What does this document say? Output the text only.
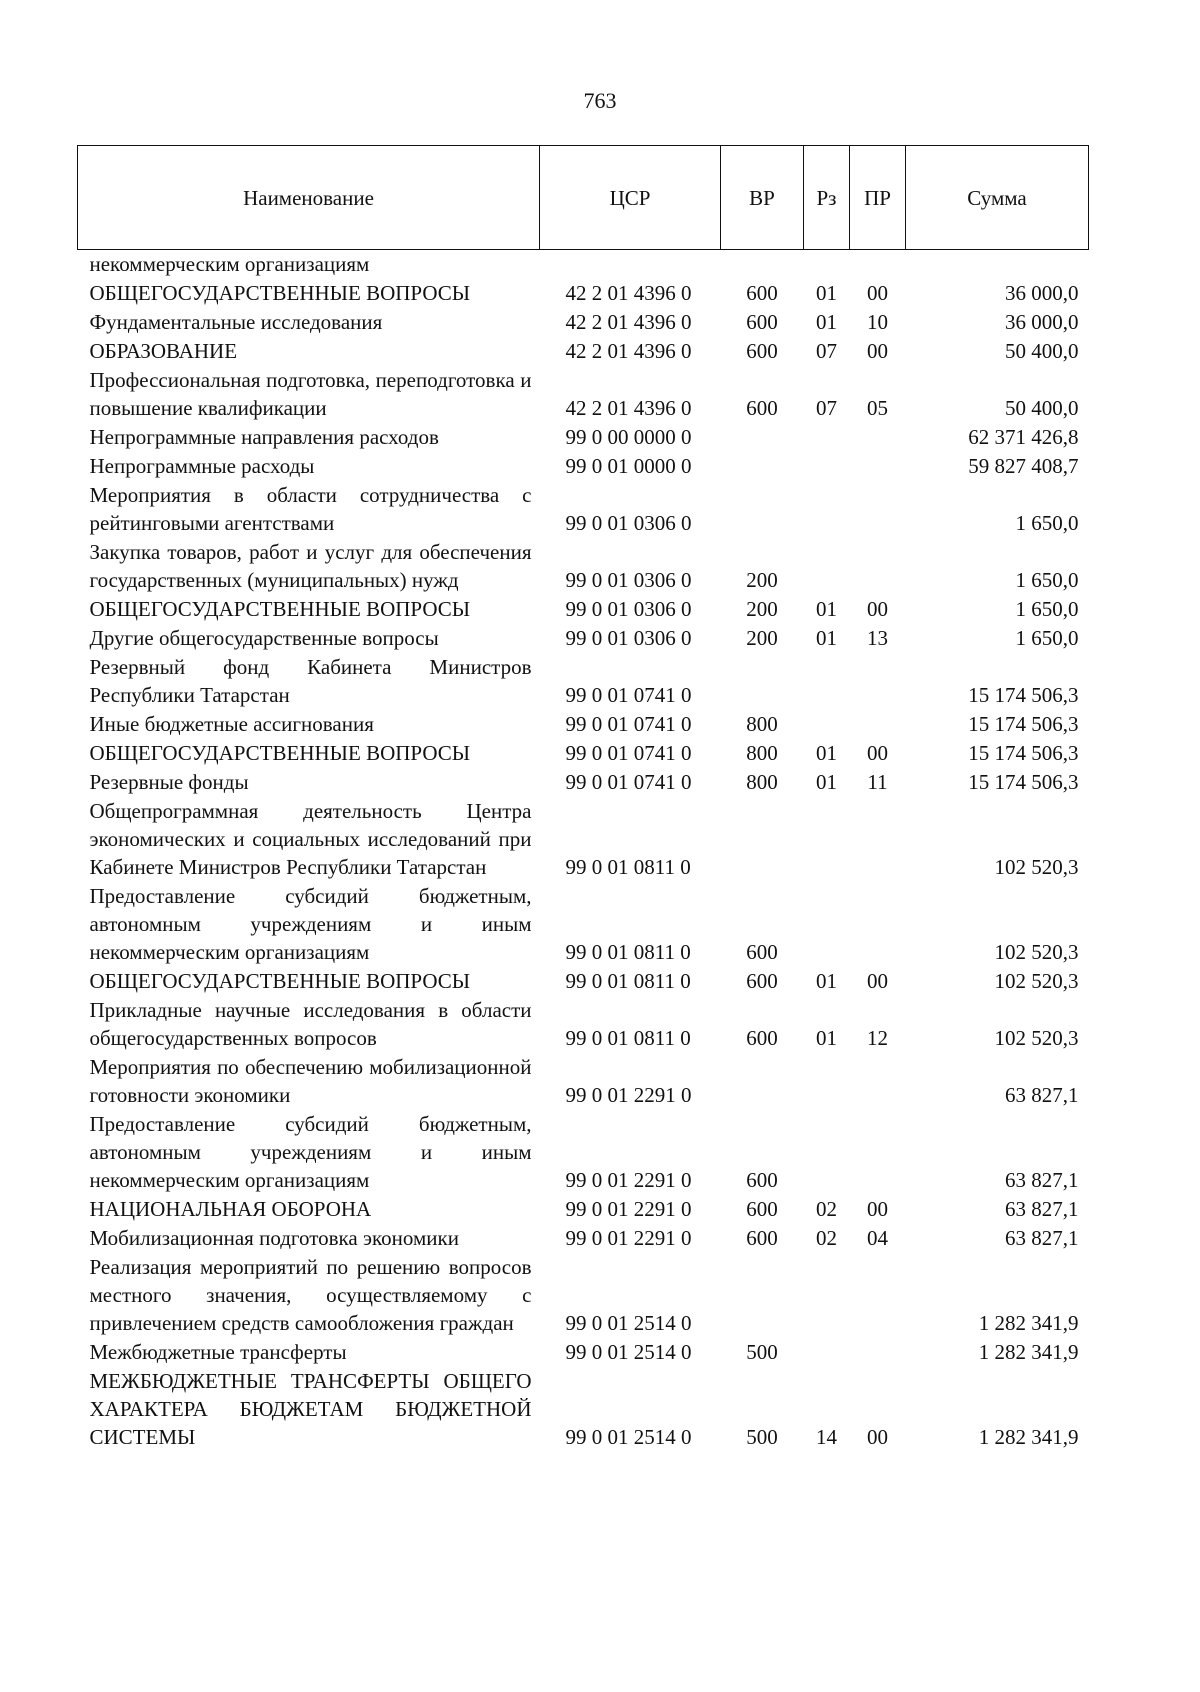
763
Наименование	ЦСР	ВР	Рз	ПР	Сумма
некоммерческим организациям					
ОБЩЕГОСУДАРСТВЕННЫЕ ВОПРОСЫ	42 2 01 4396 0	600	01	00	36 000,0
Фундаментальные исследования	42 2 01 4396 0	600	01	10	36 000,0
ОБРАЗОВАНИЕ	42 2 01 4396 0	600	07	00	50 400,0
Профессиональная подготовка, переподготовка и повышение квалификации	42 2 01 4396 0	600	07	05	50 400,0
Непрограммные направления расходов	99 0 00 0000 0				62 371 426,8
Непрограммные расходы	99 0 01 0000 0				59 827 408,7
Мероприятия в области сотрудничества с рейтинговыми агентствами	99 0 01 0306 0				1 650,0
Закупка товаров, работ и услуг для обеспечения государственных (муниципальных) нужд	99 0 01 0306 0	200			1 650,0
ОБЩЕГОСУДАРСТВЕННЫЕ ВОПРОСЫ	99 0 01 0306 0	200	01	00	1 650,0
Другие общегосударственные вопросы	99 0 01 0306 0	200	01	13	1 650,0
Резервный фонд Кабинета Министров Республики Татарстан	99 0 01 0741 0				15 174 506,3
Иные бюджетные ассигнования	99 0 01 0741 0	800			15 174 506,3
ОБЩЕГОСУДАРСТВЕННЫЕ ВОПРОСЫ	99 0 01 0741 0	800	01	00	15 174 506,3
Резервные фонды	99 0 01 0741 0	800	01	11	15 174 506,3
Общепрограммная деятельность Центра экономических и социальных исследований при Кабинете Министров Республики Татарстан	99 0 01 0811 0				102 520,3
Предоставление субсидий бюджетным, автономным учреждениям и иным некоммерческим организациям	99 0 01 0811 0	600			102 520,3
ОБЩЕГОСУДАРСТВЕННЫЕ ВОПРОСЫ	99 0 01 0811 0	600	01	00	102 520,3
Прикладные научные исследования в области общегосударственных вопросов	99 0 01 0811 0	600	01	12	102 520,3
Мероприятия по обеспечению мобилизационной готовности экономики	99 0 01 2291 0				63 827,1
Предоставление субсидий бюджетным, автономным учреждениям и иным некоммерческим организациям	99 0 01 2291 0	600			63 827,1
НАЦИОНАЛЬНАЯ ОБОРОНА	99 0 01 2291 0	600	02	00	63 827,1
Мобилизационная подготовка экономики	99 0 01 2291 0	600	02	04	63 827,1
Реализация мероприятий по решению вопросов местного значения, осуществляемому с привлечением средств самообложения граждан	99 0 01 2514 0				1 282 341,9
Межбюджетные трансферты	99 0 01 2514 0	500			1 282 341,9
МЕЖБЮДЖЕТНЫЕ ТРАНСФЕРТЫ ОБЩЕГО ХАРАКТЕРА БЮДЖЕТАМ БЮДЖЕТНОЙ СИСТЕМЫ	99 0 01 2514 0	500	14	00	1 282 341,9
